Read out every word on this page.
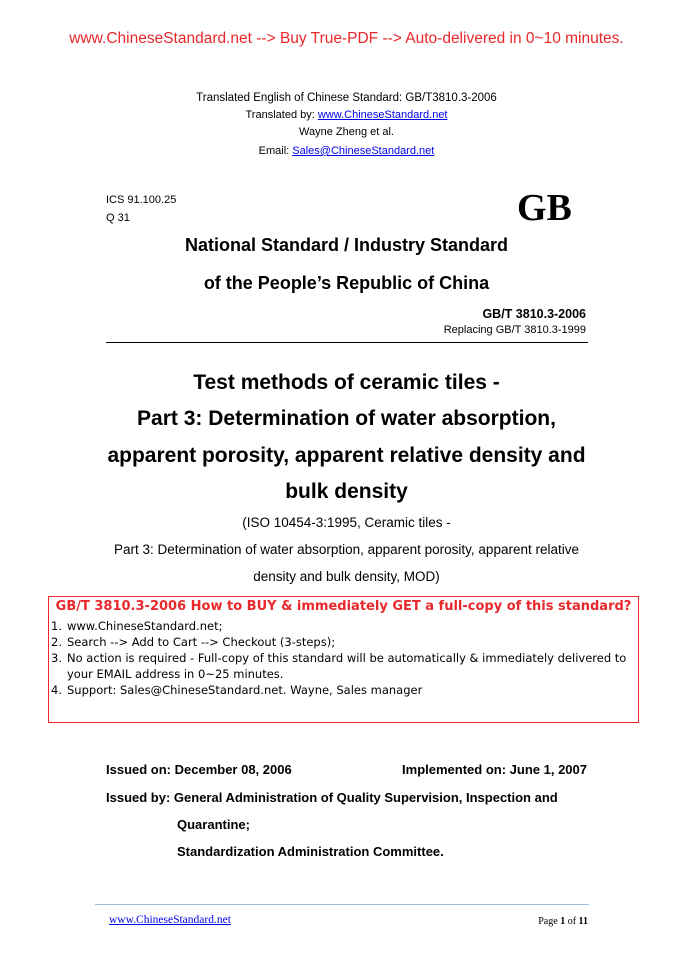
www.ChineseStandard.net --> Buy True-PDF --> Auto-delivered in 0~10 minutes.
Translated English of Chinese Standard: GB/T3810.3-2006
Translated by: www.ChineseStandard.net
Wayne Zheng et al.
Email: Sales@ChineseStandard.net
ICS 91.100.25
Q 31	GB
National Standard / Industry Standard
of the People’s Republic of China
GB/T 3810.3-2006
Replacing GB/T 3810.3-1999
Test methods of ceramic tiles -
Part 3: Determination of water absorption,
apparent porosity, apparent relative density and
bulk density
(ISO 10454-3:1995, Ceramic tiles -
Part 3: Determination of water absorption, apparent porosity, apparent relative
density and bulk density, MOD)
GB/T 3810.3-2006 How to BUY & immediately GET a full-copy of this standard?
1. www.ChineseStandard.net;
2. Search --> Add to Cart --> Checkout (3-steps);
3. No action is required - Full-copy of this standard will be automatically & immediately delivered to
your EMAIL address in 0~25 minutes.
4. Support: Sales@ChineseStandard.net. Wayne, Sales manager
Issued on: December 08, 2006	Implemented on: June 1, 2007
Issued by: General Administration of Quality Supervision, Inspection and
Quarantine;
Standardization Administration Committee.
www.ChineseStandard.net	Page 1 of 11
